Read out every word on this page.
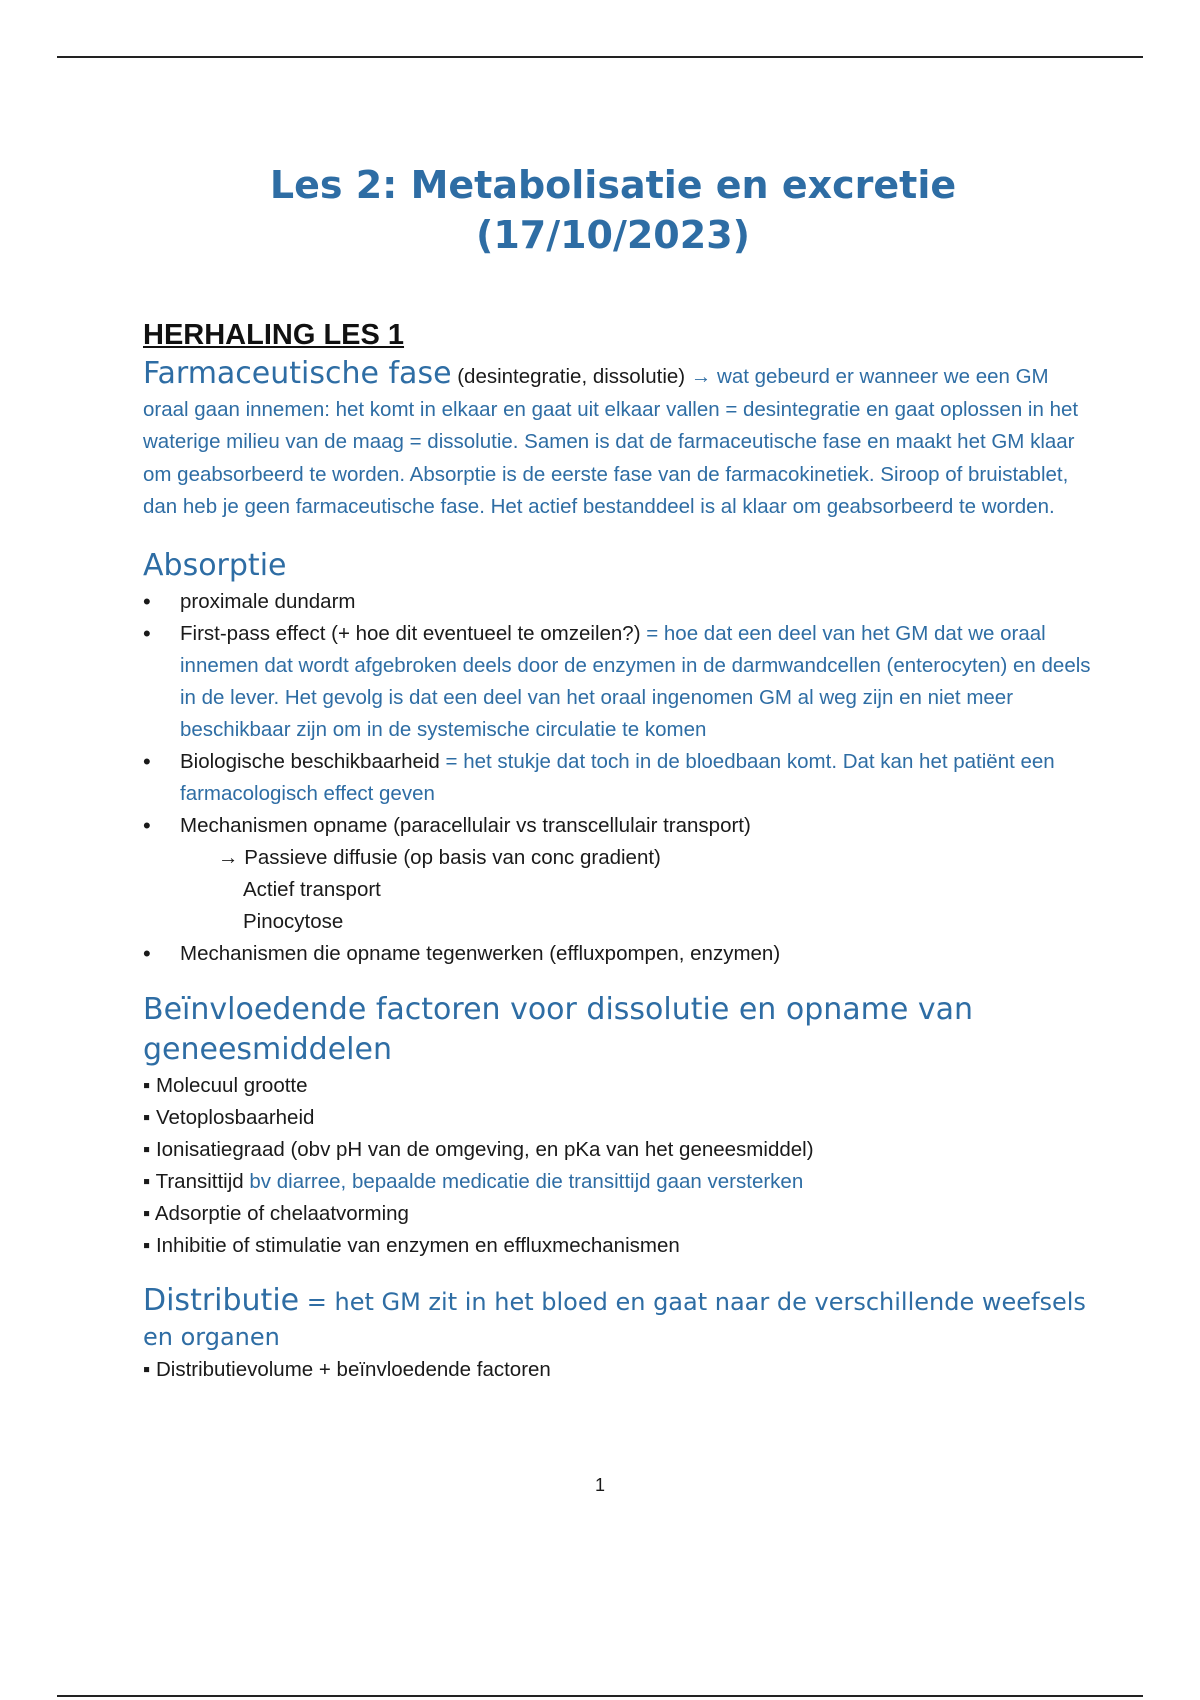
Les 2: Metabolisatie en excretie
(17/10/2023)
HERHALING LES 1

Farmaceutische fase (desintegratie, dissolutie) → wat gebeurd er wanneer we een GM oraal gaan innemen: het komt in elkaar en gaat uit elkaar vallen = desintegratie en gaat oplossen in het waterige milieu van de maag = dissolutie. Samen is dat de farmaceutische fase en maakt het GM klaar om geabsorbeerd te worden. Absorptie is de eerste fase van de farmacokinetiek. Siroop of bruistablet, dan heb je geen farmaceutische fase. Het actief bestanddeel is al klaar om geabsorbeerd te worden.

Absorptie
• proximale dundarm
• First-pass effect (+ hoe dit eventueel te omzeilen?) = hoe dat een deel van het GM dat we oraal innemen dat wordt afgebroken deels door de enzymen in de darmwandcellen (enterocyten) en deels in de lever. Het gevolg is dat een deel van het oraal ingenomen GM al weg zijn en niet meer beschikbaar zijn om in de systemische circulatie te komen
• Biologische beschikbaarheid = het stukje dat toch in de bloedbaan komt. Dat kan het patiënt een farmacologisch effect geven
• Mechanismen opname (paracellulair vs transcellulair transport)
→ Passieve diffusie (op basis van conc gradient)
Actief transport
Pinocytose
• Mechanismen die opname tegenwerken (effluxpompen, enzymen)
Beïnvloedende factoren voor dissolutie en opname van geneesmiddelen
▪ Molecuul grootte
▪ Vetoplosbaarheid
▪ Ionisatiegraad (obv pH van de omgeving, en pKa van het geneesmiddel)
▪ Transittijd bv diarree, bepaalde medicatie die transittijd gaan versterken
▪ Adsorptie of chelaatvorming
▪ Inhibitie of stimulatie van enzymen en effluxmechanismen
Distributie = het GM zit in het bloed en gaat naar de verschillende weefsels en organen
▪ Distributievolume + beïnvloedende factoren
1
